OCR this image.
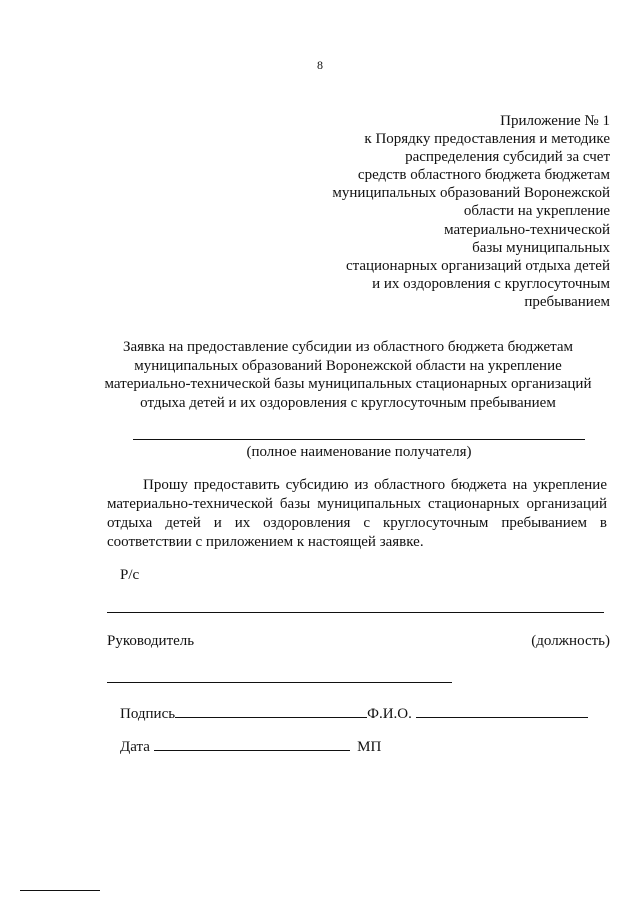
8
Приложение № 1
к Порядку предоставления и методике
распределения субсидий за счет
средств областного бюджета бюджетам
муниципальных образований Воронежской
области на укрепление
материально-технической
базы муниципальных
стационарных организаций отдыха детей
и их оздоровления с круглосуточным
пребыванием
Заявка на предоставление субсидии из областного бюджета бюджетам
муниципальных образований Воронежской области на укрепление
материально-технической базы муниципальных стационарных организаций
отдыха детей и их оздоровления с круглосуточным пребыванием
(полное наименование получателя)
Прошу предоставить субсидию из областного бюджета на укрепление
материально-технической базы муниципальных стационарных организаций
отдыха детей и их оздоровления с круглосуточным пребыванием в
соответствии с приложением к настоящей заявке.
Р/с
Руководитель	(должность)
Подпись	Ф.И.О.
Дата	МП
